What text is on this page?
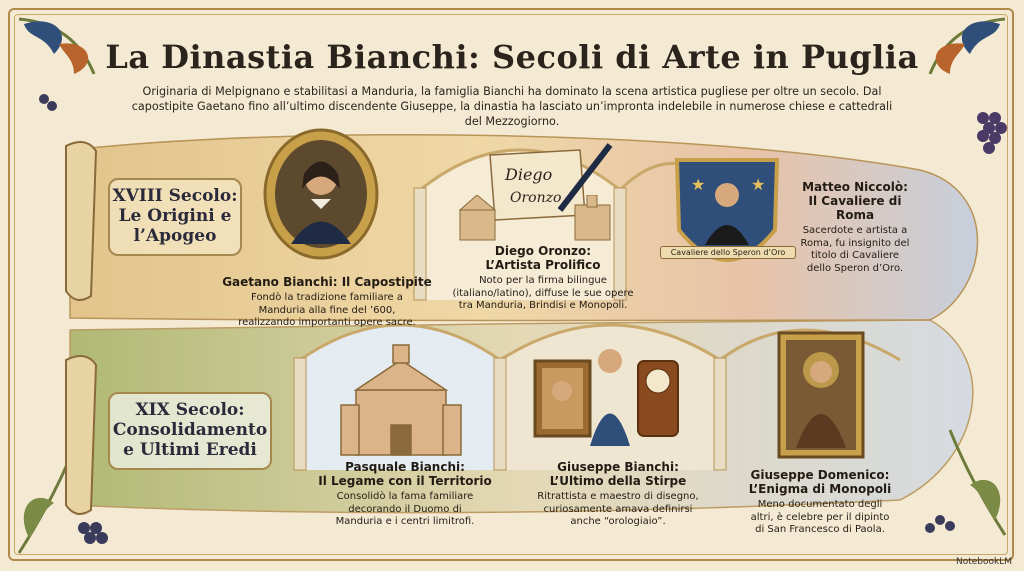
La Dinastia Bianchi: Secoli di Arte in Puglia
Originaria di Melpignano e stabilitasi a Manduria, la famiglia Bianchi ha dominato la scena artistica pugliese per oltre un secolo. Dal capostipite Gaetano fino all’ultimo discendente Giuseppe, la dinastia ha lasciato un’impronta indelebile in numerose chiese e cattedrali del Mezzogiorno.
XVIII Secolo:
Le Origini e
l’Apogeo
XIX Secolo:
Consolidamento
e Ultimi Eredi
Gaetano Bianchi: Il Capostipite
Fondò la tradizione familiare a
Manduria alla fine del ’600,
realizzando importanti opere sacre.
Diego
Oronzo
Diego Oronzo:
L’Artista Prolifico
Noto per la firma bilingue
(italiano/latino), diffuse le sue opere
tra Manduria, Brindisi e Monopoli.
★	★
Cavaliere dello Speron d’Oro
Matteo Niccolò:
Il Cavaliere di Roma
Sacerdote e artista a
Roma, fu insignito del
titolo di Cavaliere
dello Speron d’Oro.
Pasquale Bianchi:
Il Legame con il Territorio
Consolidò la fama familiare
decorando il Duomo di
Manduria e i centri limitrofi.
Giuseppe Bianchi:
L’Ultimo della Stirpe
Ritrattista e maestro di disegno,
curiosamente amava definirsi
anche “orologiaio”.
Giuseppe Domenico:
L’Enigma di Monopoli
Meno documentato degli
altri, è celebre per il dipinto
di San Francesco di Paola.
NotebookLM
